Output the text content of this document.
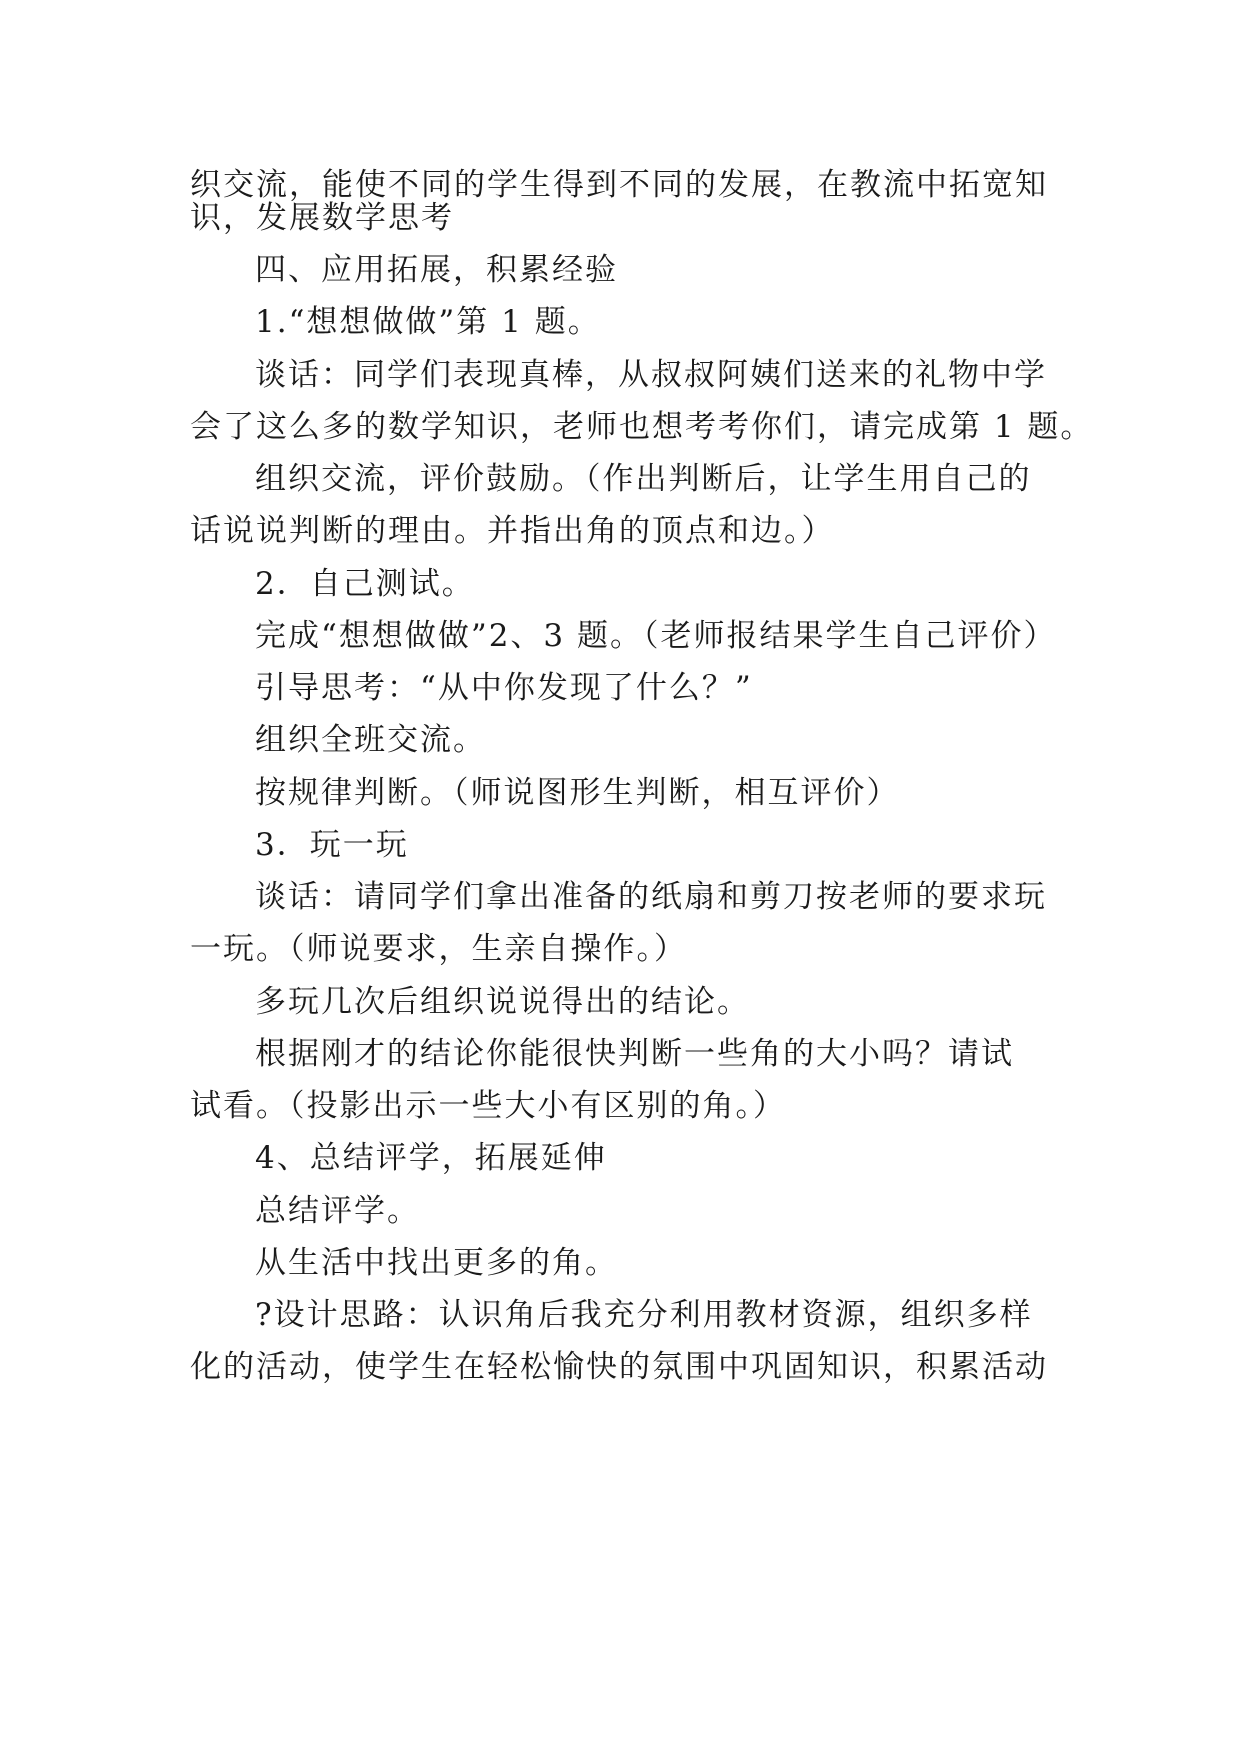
织交流，能使不同的学生得到不同的发展，在教流中拓宽知
识，发展数学思考
四、应用拓展，积累经验
1.“想想做做”第 1 题。
谈话：同学们表现真棒，从叔叔阿姨们送来的礼物中学
会了这么多的数学知识，老师也想考考你们，请完成第 1 题。
组织交流，评价鼓励。（作出判断后，让学生用自己的
话说说判断的理由。并指出角的顶点和边。）
2．自己测试。
完成“想想做做”2、3 题。（老师报结果学生自己评价）
引导思考：“从中你发现了什么？”
组织全班交流。
按规律判断。（师说图形生判断，相互评价）
3．玩一玩
谈话：请同学们拿出准备的纸扇和剪刀按老师的要求玩
一玩。（师说要求，生亲自操作。）
多玩几次后组织说说得出的结论。
根据刚才的结论你能很快判断一些角的大小吗？请试
试看。（投影出示一些大小有区别的角。）
4、总结评学，拓展延伸
总结评学。
从生活中找出更多的角。
?设计思路：认识角后我充分利用教材资源，组织多样
化的活动，使学生在轻松愉快的氛围中巩固知识，积累活动
